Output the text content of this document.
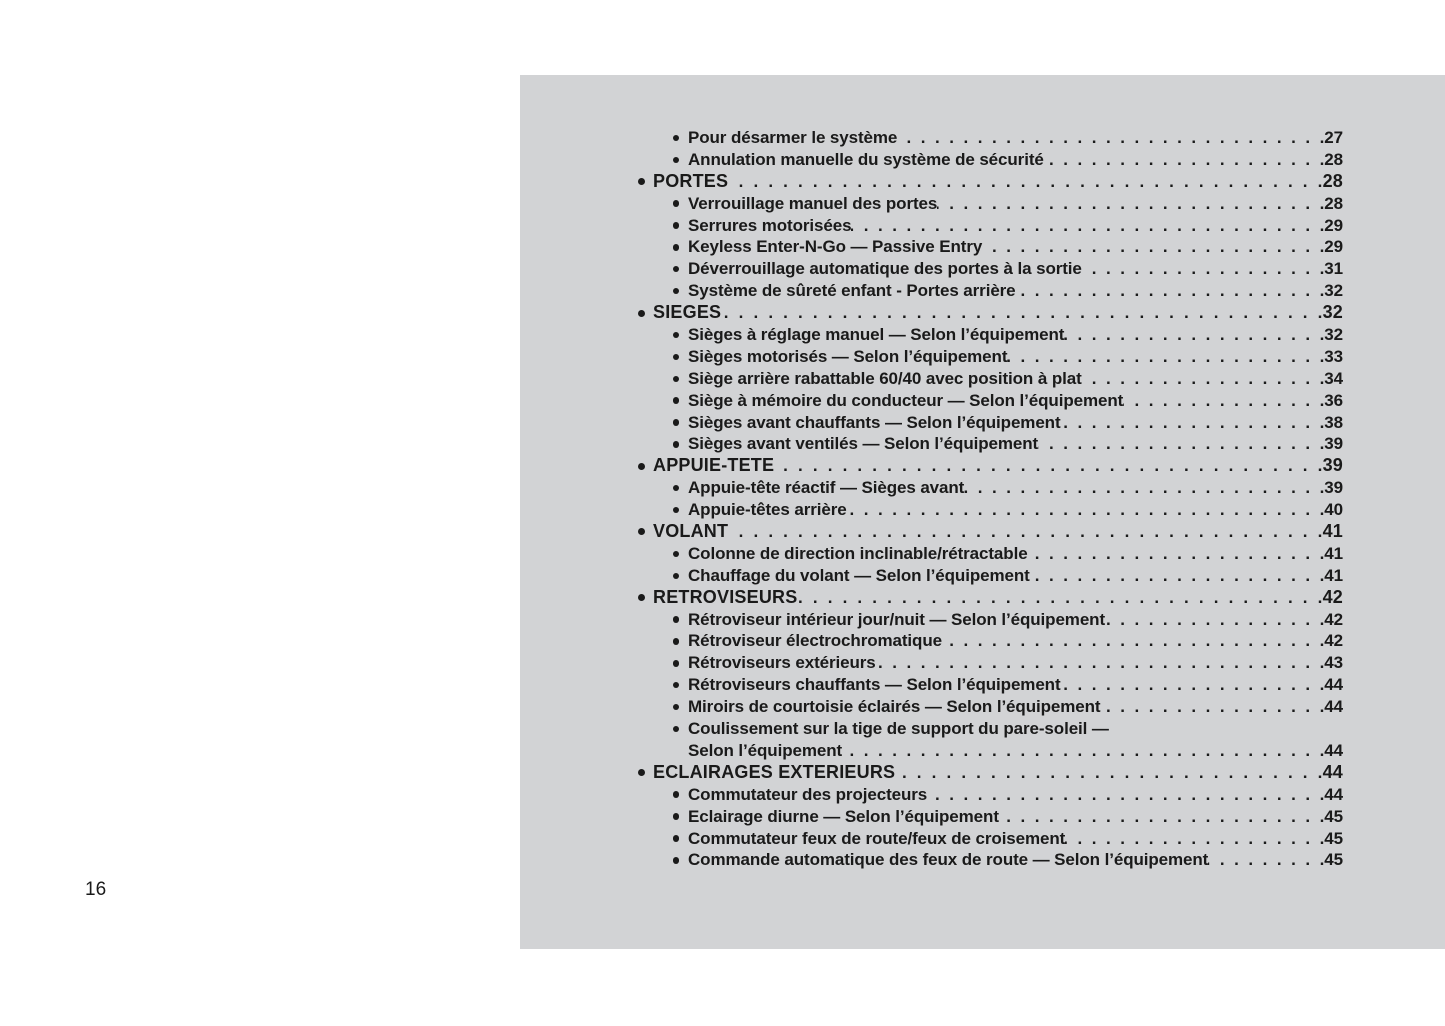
Pour désarmer le système . . .	27
Annulation manuelle du système de sécurité . . .	28
PORTES . . .	28
Verrouillage manuel des portes . . .	28
Serrures motorisées . . .	29
Keyless Enter-N-Go — Passive Entry . . .	29
Déverrouillage automatique des portes à la sortie . . .	31
Système de sûreté enfant - Portes arrière . . .	32
SIEGES . . .	32
Sièges à réglage manuel — Selon l’équipement . . .	32
Sièges motorisés — Selon l’équipement . . .	33
Siège arrière rabattable 60/40 avec position à plat . . .	34
Siège à mémoire du conducteur — Selon l’équipement . . .	36
Sièges avant chauffants — Selon l’équipement . . .	38
Sièges avant ventilés — Selon l’équipement . . .	39
APPUIE-TETE . . .	39
Appuie-tête réactif — Sièges avant . . .	39
Appuie-têtes arrière . . .	40
VOLANT . . .	41
Colonne de direction inclinable/rétractable . . .	41
Chauffage du volant — Selon l’équipement . . .	41
RETROVISEURS . . .	42
Rétroviseur intérieur jour/nuit — Selon l’équipement . . .	42
Rétroviseur électrochromatique . . .	42
Rétroviseurs extérieurs . . .	43
Rétroviseurs chauffants — Selon l’équipement . . .	44
Miroirs de courtoisie éclairés — Selon l’équipement . . .	44
Coulissement sur la tige de support du pare-soleil —
Selon l’équipement . . .	44
ECLAIRAGES EXTERIEURS . . .	44
Commutateur des projecteurs . . .	44
Eclairage diurne — Selon l’équipement . . .	45
Commutateur feux de route/feux de croisement . . .	45
Commande automatique des feux de route — Selon l’équipement . . .	45
16
